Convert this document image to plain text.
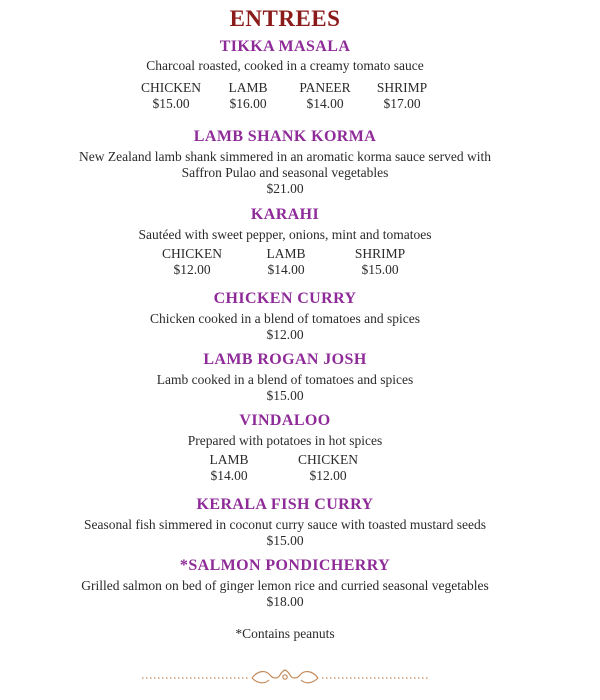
ENTREES
TIKKA MASALA
Charcoal roasted, cooked in a creamy tomato sauce
CHICKEN
$15.00
LAMB
$16.00
PANEER
$14.00
SHRIMP
$17.00
LAMB SHANK KORMA
New Zealand lamb shank simmered in an aromatic korma sauce served with
Saffron Pulao and seasonal vegetables
$21.00
KARAHI
Sautéed with sweet pepper, onions, mint and tomatoes
CHICKEN
$12.00
LAMB
$14.00
SHRIMP
$15.00
CHICKEN CURRY
Chicken cooked in a blend of tomatoes and spices
$12.00
LAMB ROGAN JOSH
Lamb cooked in a blend of tomatoes and spices
$15.00
VINDALOO
Prepared with potatoes in hot spices
LAMB
$14.00
CHICKEN
$12.00
KERALA FISH CURRY
Seasonal fish simmered in coconut curry sauce with toasted mustard seeds
$15.00
*SALMON PONDICHERRY
Grilled salmon on bed of ginger lemon rice and curried seasonal vegetables
$18.00
*Contains peanuts
